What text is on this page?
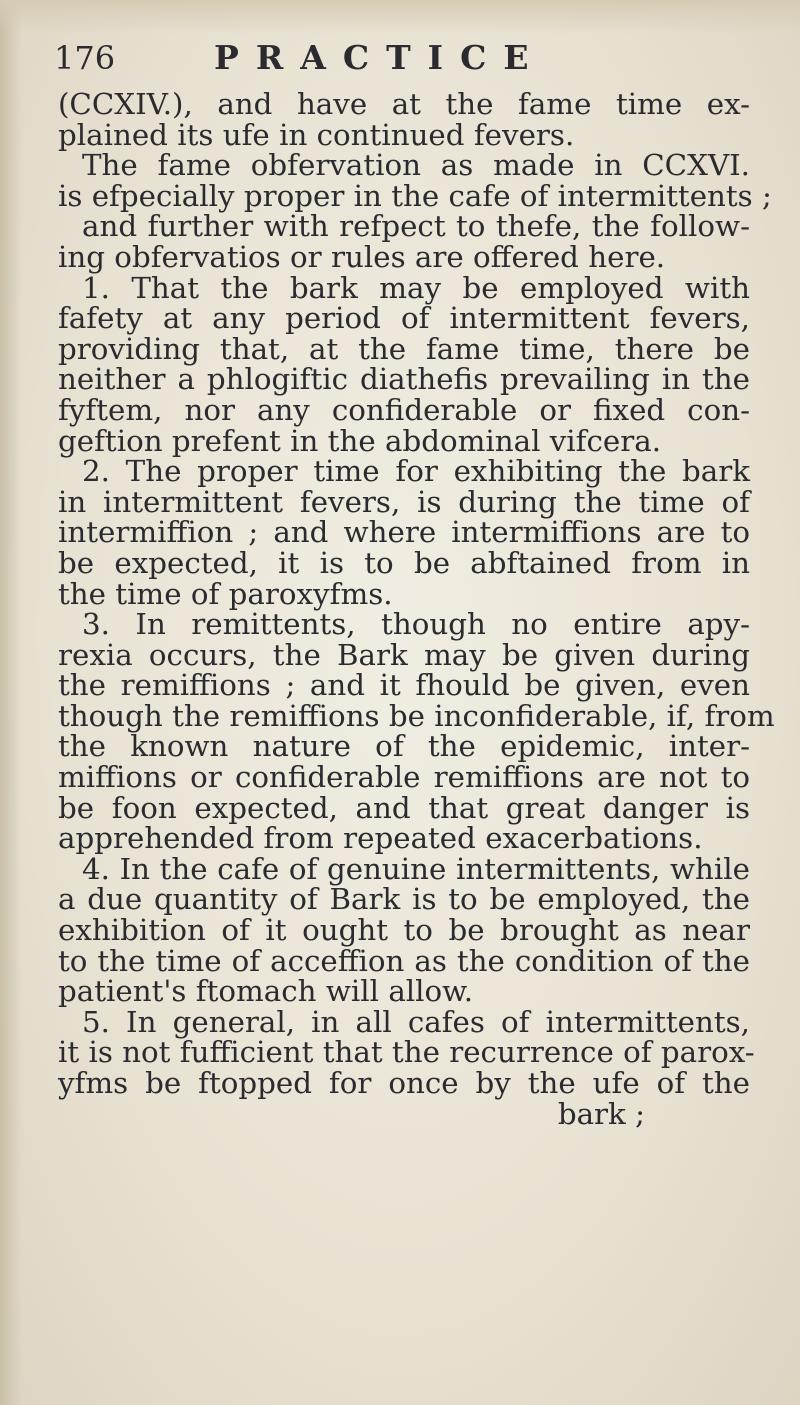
176	PRACTICE
(CCXIV.), and have at the fame time ex-
plained its ufe in continued fevers.
The fame obfervation as made in CCXVI.
is efpecially proper in the cafe of intermittents ;
and further with refpect to thefe, the follow-
ing obfervatios or rules are offered here.
1. That the bark may be employed with
fafety at any period of intermittent fevers,
providing that, at the fame time, there be
neither a phlogiftic diathefis prevailing in the
fyftem, nor any confiderable or fixed con-
geftion prefent in the abdominal vifcera.
2. The proper time for exhibiting the bark
in intermittent fevers, is during the time of
intermiffion ; and where intermiffions are to
be expected, it is to be abftained from in
the time of paroxyfms.
3. In remittents, though no entire apy-
rexia occurs, the Bark may be given during
the remiffions ; and it fhould be given, even
though the remiffions be inconfiderable, if, from
the known nature of the epidemic, inter-
miffions or confiderable remiffions are not to
be foon expected, and that great danger is
apprehended from repeated exacerbations.
4. In the cafe of genuine intermittents, while
a due quantity of Bark is to be employed, the
exhibition of it ought to be brought as near
to the time of acceffion as the condition of the
patient's ftomach will allow.
5. In general, in all cafes of intermittents,
it is not fufficient that the recurrence of parox-
yfms be ftopped for once by the ufe of the
bark ;
